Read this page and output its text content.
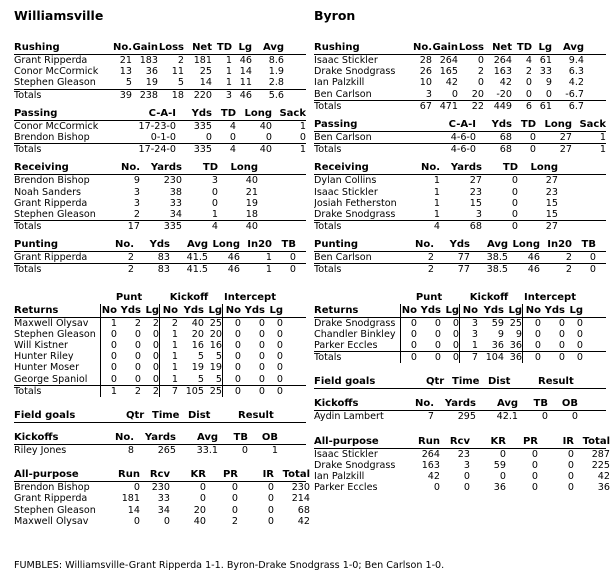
Williamsville
Rushing	No. Gain Loss Net TD Lg	Avg
Grant Ripperda	21 183	2	181	1 46	8.6
Conor McCormick	13	36	11	25	1 14	1.9
Stephen Gleason	5	19	5	14	1 11	2.8
Totals	39 238	18	220	3 46	5.6
Passing	C-A-I	Yds TD Long Sack
Conor McCormick	17-23-0	335	4	40	1
Brendon Bishop	0-1-0	0	0	0	0
Totals	17-24-0	335	4	40	1
Receiving	No.	Yards	TD	Long
Brendon Bishop	9	230	3	40
Noah Sanders	3	38	0	21
Grant Ripperda	3	33	0	19
Stephen Gleason	2	34	1	18
Totals	17	335	4	40
Punting	No.	Yds	Avg Long In20 TB
Grant Ripperda	2	83	41.5	46	1	0
Totals	2	83	41.5	46	1	0
Punt	Kickoff	Intercept
Returns	No Yds Lg No Yds Lg No Yds Lg
Maxwell Olysav	1	2	2	2	40 25	0	0	0
Stephen Gleason	0	0	0	1	20 20	0	0	0
Will Kistner	0	0	0	1	16 16	0	0	0
Hunter Riley	0	0	0	1	5	5	0	0	0
Hunter Moser	0	0	0	1	19 19	0	0	0
George Spaniol	0	0	0	1	5	5	0	0	0
Totals	1	2	2	7 105 25	0	0	0
Field goals	Qtr Time Dist	Result
Kickoffs	No.	Yards	Avg	TB	OB
Riley Jones	8	265	33.1	0	1
All-purpose	Run Rcv	KR	PR	IR Total
Brendon Bishop	0	230	0	0	0	230
Grant Ripperda	181	33	0	0	0	214
Stephen Gleason	14	34	20	0	0	68
Maxwell Olysav	0	0	40	2	0	42
Byron
Rushing	No. Gain Loss Net TD Lg	Avg
Isaac Stickler	28 264	0	264	4 61	9.4
Drake Snodgrass	26 165	2	163	2 33	6.3
Ian Palzkill	10	42	0	42	0	9	4.2
Ben Carlson	3	0	20	-20	0	0	-6.7
Totals	67 471	22	449	6 61	6.7
Passing	C-A-I	Yds TD Long Sack
Ben Carlson	4-6-0	68	0	27	1
Totals	4-6-0	68	0	27	1
Receiving	No.	Yards	TD	Long
Dylan Collins	1	27	0	27
Isaac Stickler	1	23	0	23
Josiah Fetherston	1	15	0	15
Drake Snodgrass	1	3	0	15
Totals	4	68	0	27
Punting	No.	Yds	Avg Long In20 TB
Ben Carlson	2	77	38.5	46	2	0
Totals	2	77	38.5	46	2	0
Punt	Kickoff	Intercept
Returns	No Yds Lg No Yds Lg No Yds Lg
Drake Snodgrass	0	0	0	3	59 25	0	0	0
Chandler Binkley	0	0	0	3	9	9	0	0	0
Parker Eccles	0	0	0	1	36 36	0	0	0
Totals	0	0	0	7 104 36	0	0	0
Field goals	Qtr Time Dist	Result
Kickoffs	No.	Yards	Avg	TB	OB
Aydin Lambert	7	295	42.1	0	0
All-purpose	Run Rcv	KR	PR	IR Total
Isaac Stickler	264	23	0	0	0	287
Drake Snodgrass	163	3	59	0	0	225
Ian Palzkill	42	0	0	0	0	42
Parker Eccles	0	0	36	0	0	36
FUMBLES: Williamsville-Grant Ripperda 1-1. Byron-Drake Snodgrass 1-0; Ben Carlson 1-0.
